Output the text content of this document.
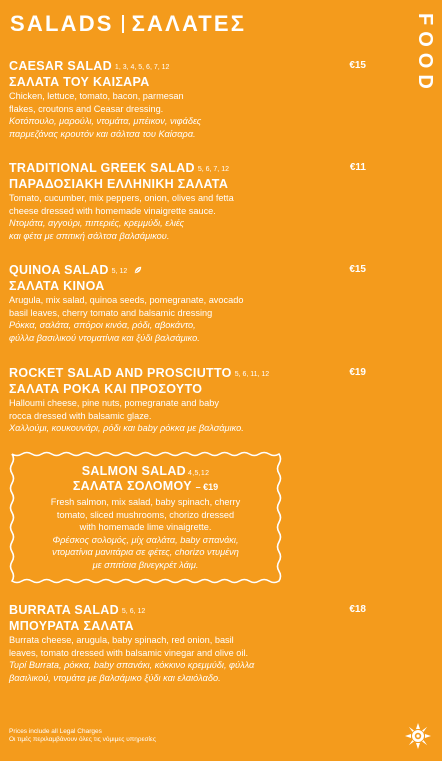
SALADS ΣΑΛΑΤΕΣ	FOOD
CAESAR SALAD 1, 3, 4, 5, 6, 7, 12	€15
ΣΑΛΑΤΑ ΤΟΥ ΚΑΙΣΑΡΑ
Chicken, lettuce, tomato, bacon, parmesan
flakes, croutons and Ceasar dressing.
Κοτόπουλο, μαρούλι, ντομάτα, μπέικον, νιφάδες
παρμεζάνας κρουτόν και σάλτσα του Καίσαρα.
TRADITIONAL GREEK SALAD 5, 6, 7, 12	€11
ΠΑΡΑΔΟΣΙΑΚΗ ΕΛΛΗΝΙΚΗ ΣΑΛΑΤΑ
Tomato, cucumber, mix peppers, onion, olives and fetta
cheese dressed with homemade vinaigrette sauce.
Ντομάτα, αγγούρι, πιπεριές, κρεμμύδι, ελιές
και φέτα με σπιτική σάλτσα βαλσάμικου.
QUINOA SALAD 5, 12	€15
ΣΑΛΑΤΑ ΚΙΝΟΑ
Arugula, mix salad, quinoa seeds, pomegranate, avocado
basil leaves, cherry tomato and balsamic dressing
Ρόκκα, σαλάτα, σπόροι κινόα, ρόδι, αβοκάντο,
φύλλα βασιλικού ντοματίνια και ξύδι βαλσάμικο.
ROCKET SALAD AND PROSCIUTTO 5, 6, 11, 12	€19
ΣΑΛΑΤΑ ΡΟΚΑ ΚΑΙ ΠΡΟΣΟΥΤΟ
Halloumi cheese, pine nuts, pomegranate and baby
rocca dressed with balsamic glaze.
Χαλλούμι, κουκουνάρι, ρόδι και baby ρόκκα με βαλσάμικο.
SALMON SALAD 4,5,12
ΣΑΛΑΤΑ ΣΟΛΟΜΟΥ – €19
Fresh salmon, mix salad, baby spinach, cherry
tomato, sliced mushrooms, chorizo dressed
with homemade lime vinaigrette.
Φρέσκος σολομός, μίχ σαλάτα, baby σπανάκι,
ντοματίνια μανιτάρια σε φέτες, chorizo ντυμένη
με σπιτίσια βινεγκρέτ λάιμ.
BURRATA SALAD 5, 6, 12	€18
ΜΠΟΥΡΑΤΑ ΣΑΛΑΤΑ
Burrata cheese, arugula, baby spinach, red onion, basil
leaves, tomato dressed with balsamic vinegar and olive oil.
Τυρί Burrata, ρόκκα, baby σπανάκι, κόκκινο κρεμμύδι, φύλλα
βασιλικού, ντομάτα με βαλσάμικο ξύδι και ελαιόλαδο.
Prices include all Legal Charges
Οι τιμές περιλαμβάνουν όλες τις νόμιμες υπηρεσίες
